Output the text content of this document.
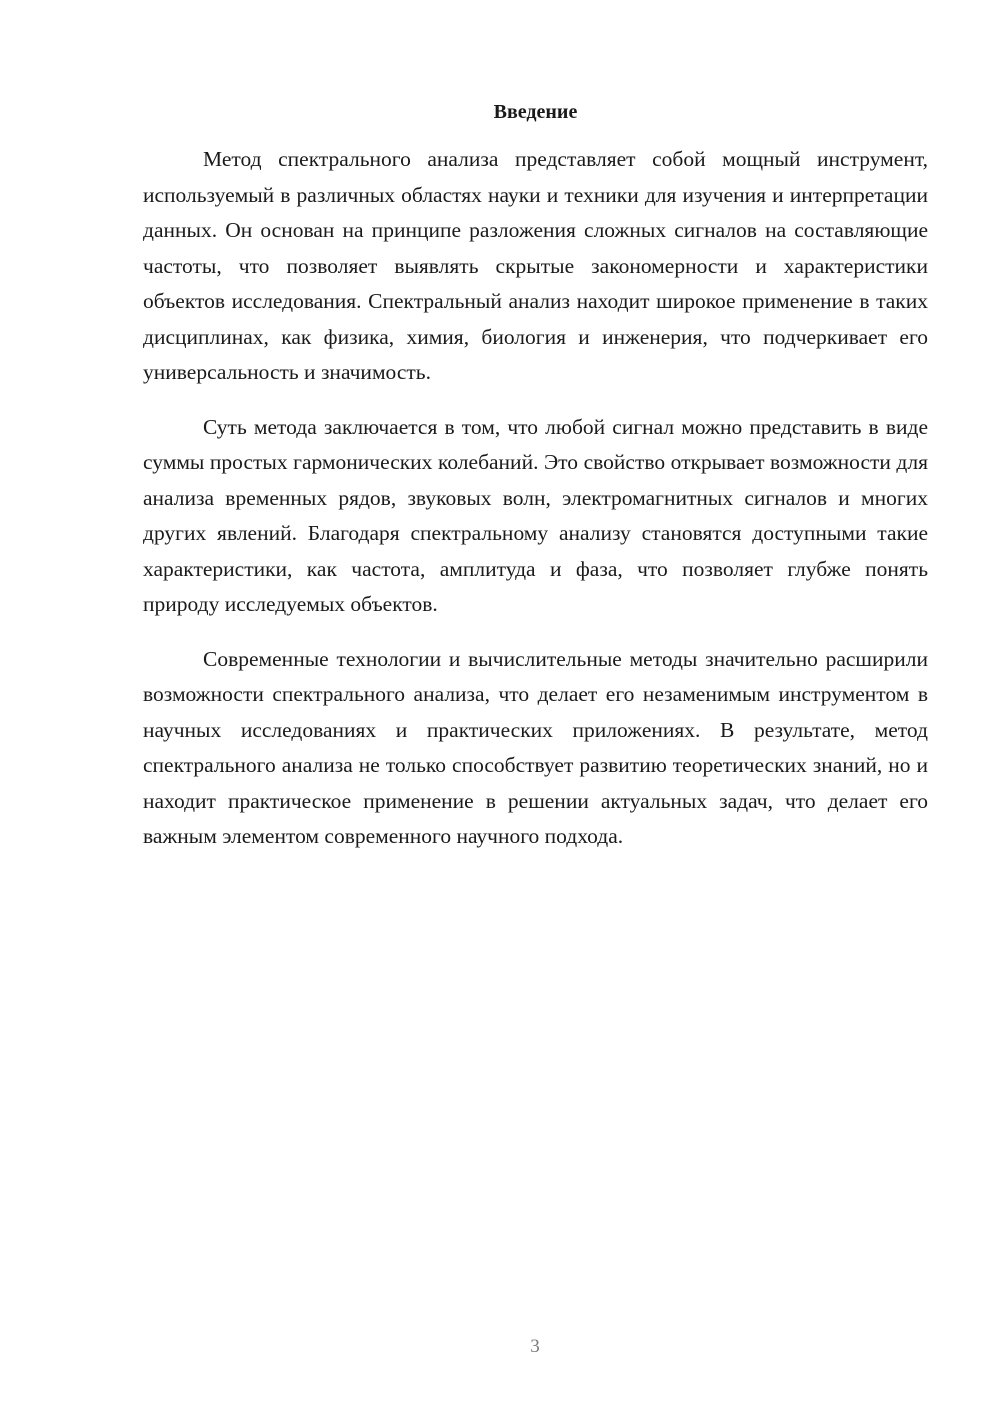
Введение

Метод спектрального анализа представляет собой мощный инструмент, используемый в различных областях науки и техники для изучения и интерпретации данных. Он основан на принципе разложения сложных сигналов на составляющие частоты, что позволяет выявлять скрытые закономерности и характеристики объектов исследования. Спектральный анализ находит широкое применение в таких дисциплинах, как физика, химия, биология и инженерия, что подчеркивает его универсальность и значимость.

Суть метода заключается в том, что любой сигнал можно представить в виде суммы простых гармонических колебаний. Это свойство открывает возможности для анализа временных рядов, звуковых волн, электромагнитных сигналов и многих других явлений. Благодаря спектральному анализу становятся доступными такие характеристики, как частота, амплитуда и фаза, что позволяет глубже понять природу исследуемых объектов.

Современные технологии и вычислительные методы значительно расширили возможности спектрального анализа, что делает его незаменимым инструментом в научных исследованиях и практических приложениях. В результате, метод спектрального анализа не только способствует развитию теоретических знаний, но и находит практическое применение в решении актуальных задач, что делает его важным элементом современного научного подхода.

3
